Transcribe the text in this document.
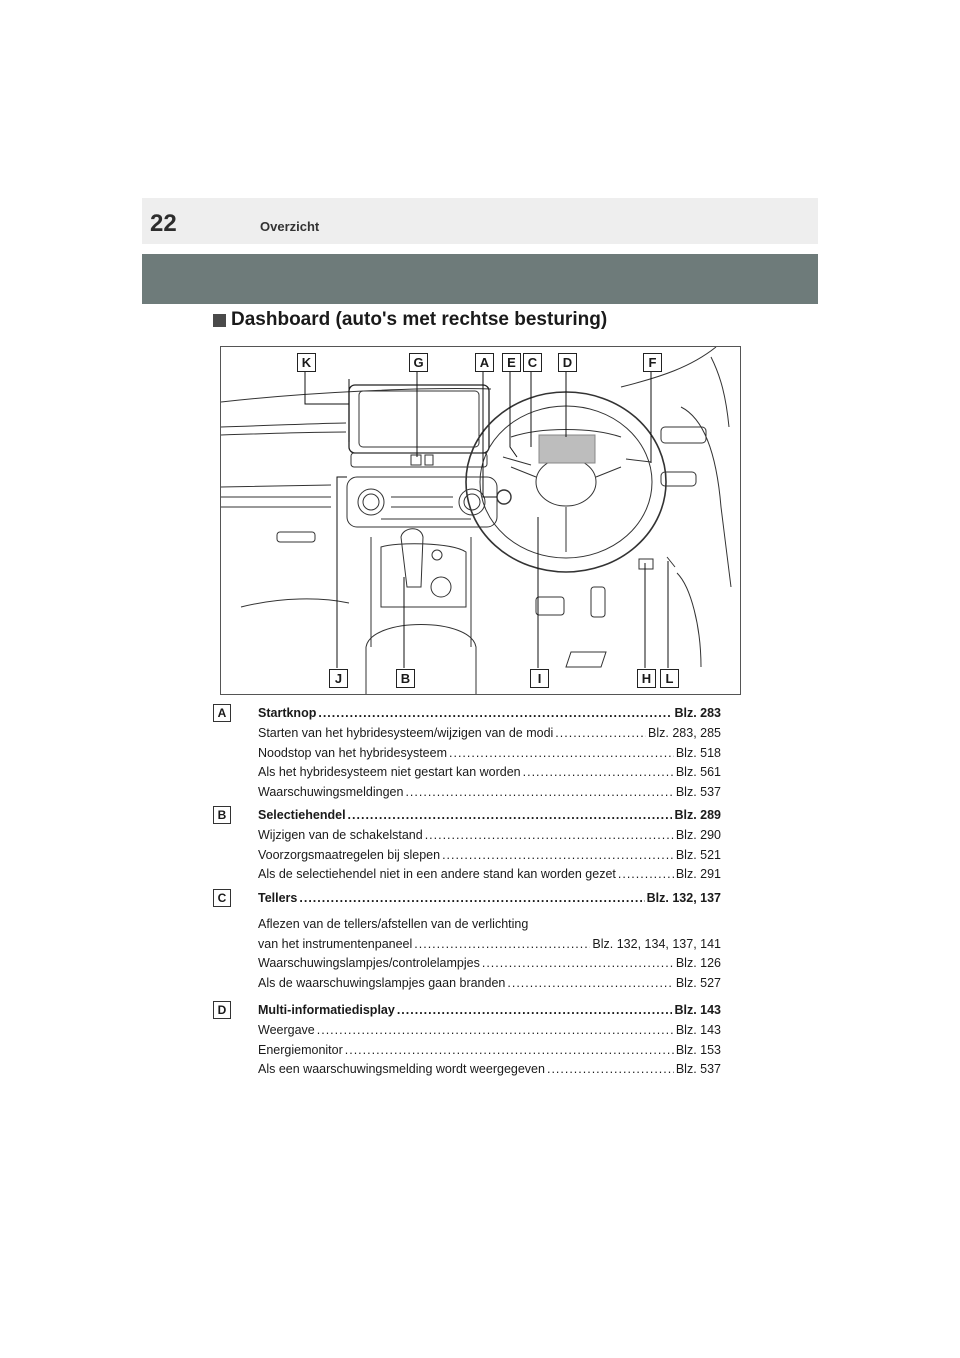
22	Overzicht
Dashboard (auto's met rechtse besturing)
K	G	A	E C	D	F
J	B	I	H	L
A	Startknop .....	Blz. 283
Starten van het hybridesysteem/wijzigen van de modi .....	Blz. 283, 285
Noodstop van het hybridesysteem .....	Blz. 518
Als het hybridesysteem niet gestart kan worden .....	Blz. 561
Waarschuwingsmeldingen .....	Blz. 537
B	Selectiehendel .....	Blz. 289
Wijzigen van de schakelstand .....	Blz. 290
Voorzorgsmaatregelen bij slepen .....	Blz. 521
Als de selectiehendel niet in een andere stand kan worden gezet .....	Blz. 291
C	Tellers .....	Blz. 132, 137
Aflezen van de tellers/afstellen van de verlichting
van het instrumentenpaneel .....	Blz. 132, 134, 137, 141
Waarschuwingslampjes/controlelampjes .....	Blz. 126
Als de waarschuwingslampjes gaan branden .....	Blz. 527
D	Multi-informatiedisplay .....	Blz. 143
Weergave .....	Blz. 143
Energiemonitor .....	Blz. 153
Als een waarschuwingsmelding wordt weergegeven .....	Blz. 537
